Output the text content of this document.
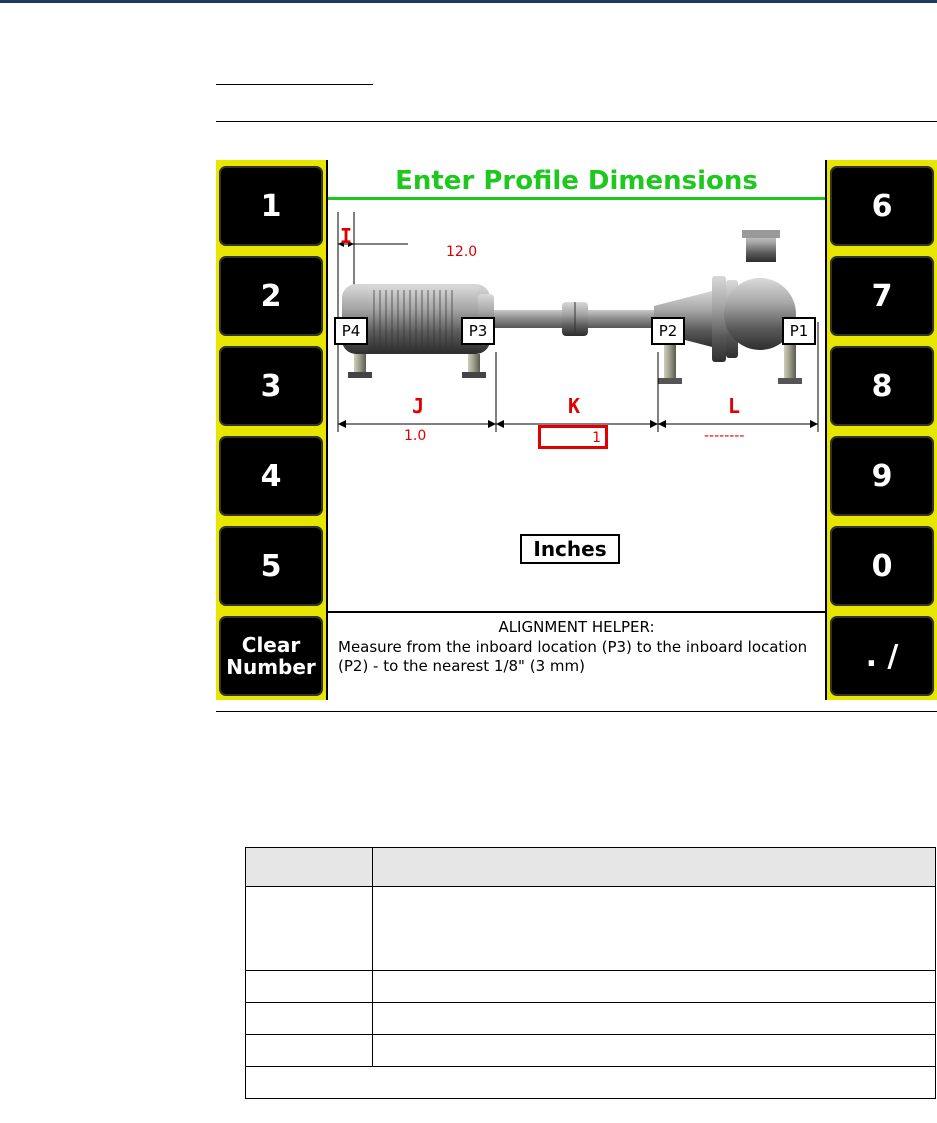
1
2
3
4
5
Clear Number
Enter Profile Dimensions
P4	P3	P2	P1
I
12.0
J
1.0
K
1
L
--------
Inches
ALIGNMENT HELPER:
Measure from the inboard location (P3) to the inboard location (P2) - to the nearest 1/8" (3 mm)
6
7
8
9
0
. /
